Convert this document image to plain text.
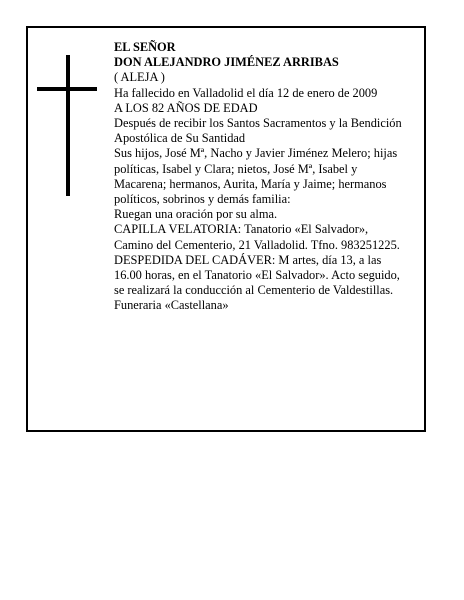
EL SEÑOR

DON ALEJANDRO JIMÉNEZ ARRIBAS

( ALEJA )

Ha fallecido en Valladolid el día 12 de enero de 2009

A LOS 82 AÑOS DE EDAD

Después de recibir los Santos Sacramentos y la Bendición Apostólica de Su Santidad

Sus hijos, José Mª, Nacho y Javier Jiménez Melero; hijas políticas, Isabel y Clara; nietos, José Mª, Isabel y Macarena; hermanos, Aurita, María y Jaime; hermanos políticos, sobrinos y demás familia:

Ruegan una oración por su alma.

CAPILLA VELATORIA: Tanatorio «El Salvador», Camino del Cementerio, 21 Valladolid. Tfno. 983251225.

DESPEDIDA DEL CADÁVER: M artes, día 13, a las 16.00 horas, en el Tanatorio «El Salvador». Acto seguido, se realizará la conducción al Cementerio de Valdestillas.

Funeraria «Castellana»
